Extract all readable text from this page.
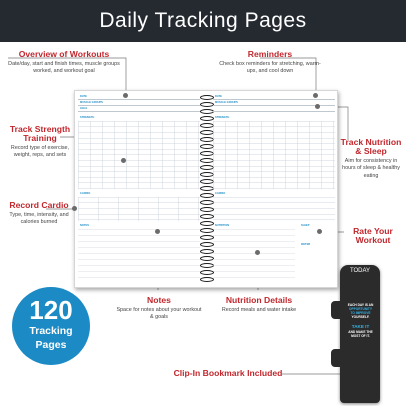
Daily Tracking Pages
DATE
MUSCLE GROUPS
GOAL
STRENGTH
CARDIO
NOTES
DATE
MUSCLE GROUPS
STRENGTH
CARDIO
NUTRITION	SLEEP
WATER
Overview of Workouts
Date/day, start and finish times, muscle groups worked, and workout goal
Reminders
Check box reminders for stretching, warm-ups, and cool down
Track Strength Training
Record type of exercise, weight, reps, and sets
Track Nutrition & Sleep
Aim for consistency in hours of sleep & healthy eating
Record Cardio
Type, time, intensity, and calories burned
Rate Your Workout
Notes
Space for notes about your workout & goals
Nutrition Details
Record meals and water intake
Clip-In Bookmark Included
120
Tracking
Pages
TODAY
EACH DAY IS AN
OPPORTUNITY
TO IMPROVE
YOURSELF.
TAKE IT
AND MAKE THE
MOST OF IT.
